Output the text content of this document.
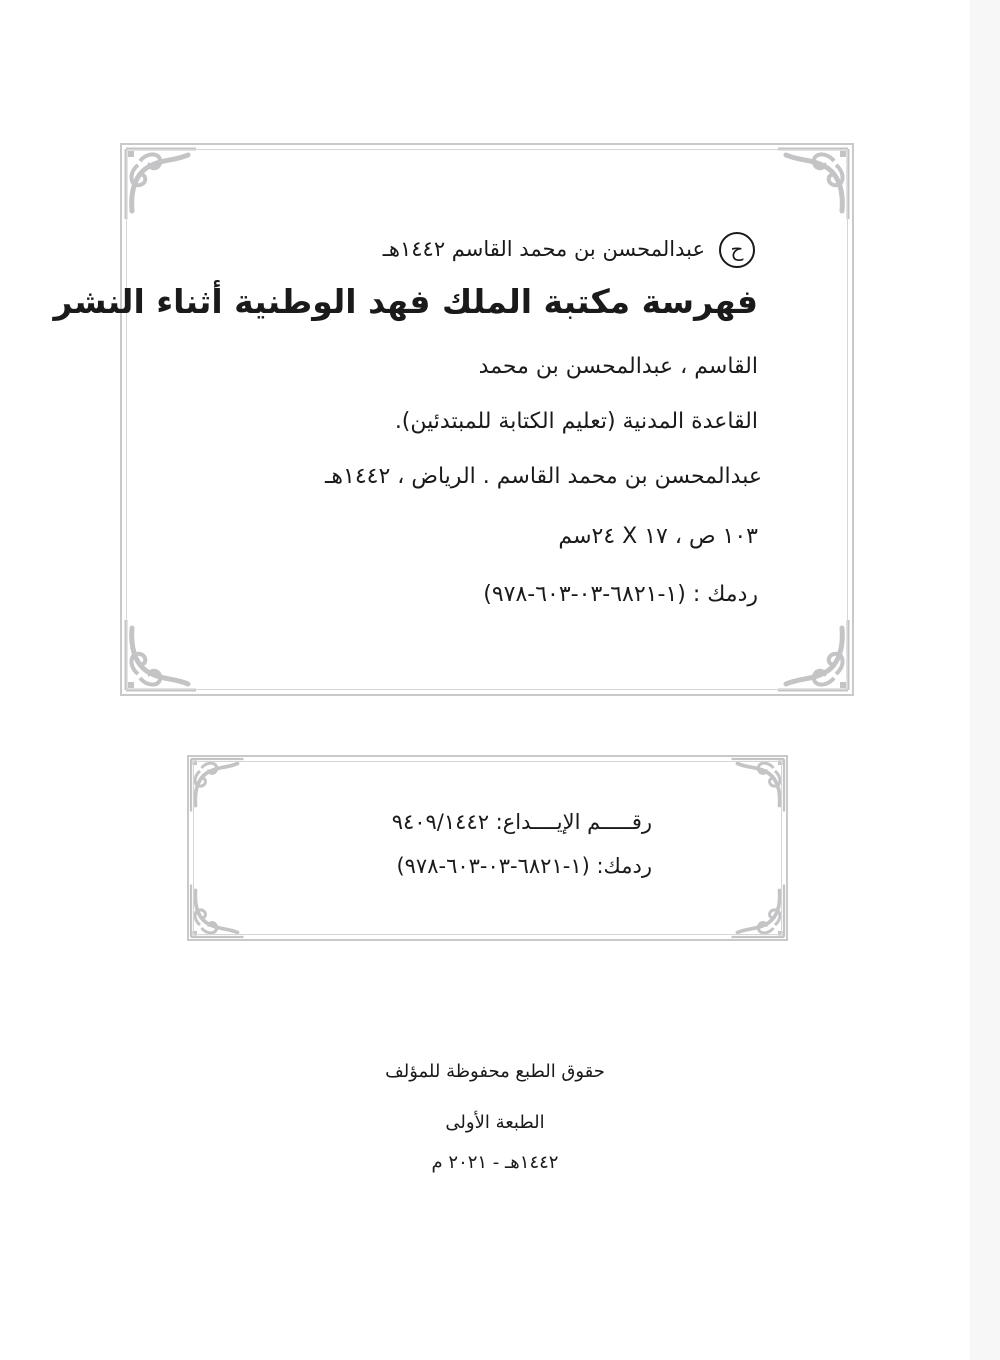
حعبدالمحسن بن محمد القاسم ١٤٤٢هـ
فهرسة مكتبة الملك فهد الوطنية أثناء النشر
القاسم ، عبدالمحسن بن محمد
القاعدة المدنية (تعليم الكتابة للمبتدئين).
عبدالمحسن بن محمد القاسم . الرياض ، ١٤٤٢هـ
١٠٣ ص ، ١٧ X ٢٤سم
ردمك : (١-٦٨٢١-٠٣-٦٠٣-٩٧٨)
رقـــــم الإيــــداع: ٩٤٠٩/١٤٤٢
ردمك: (١-٦٨٢١-٠٣-٦٠٣-٩٧٨)
حقوق الطبع محفوظة للمؤلف
الطبعة الأولى
١٤٤٢هـ - ٢٠٢١ م
